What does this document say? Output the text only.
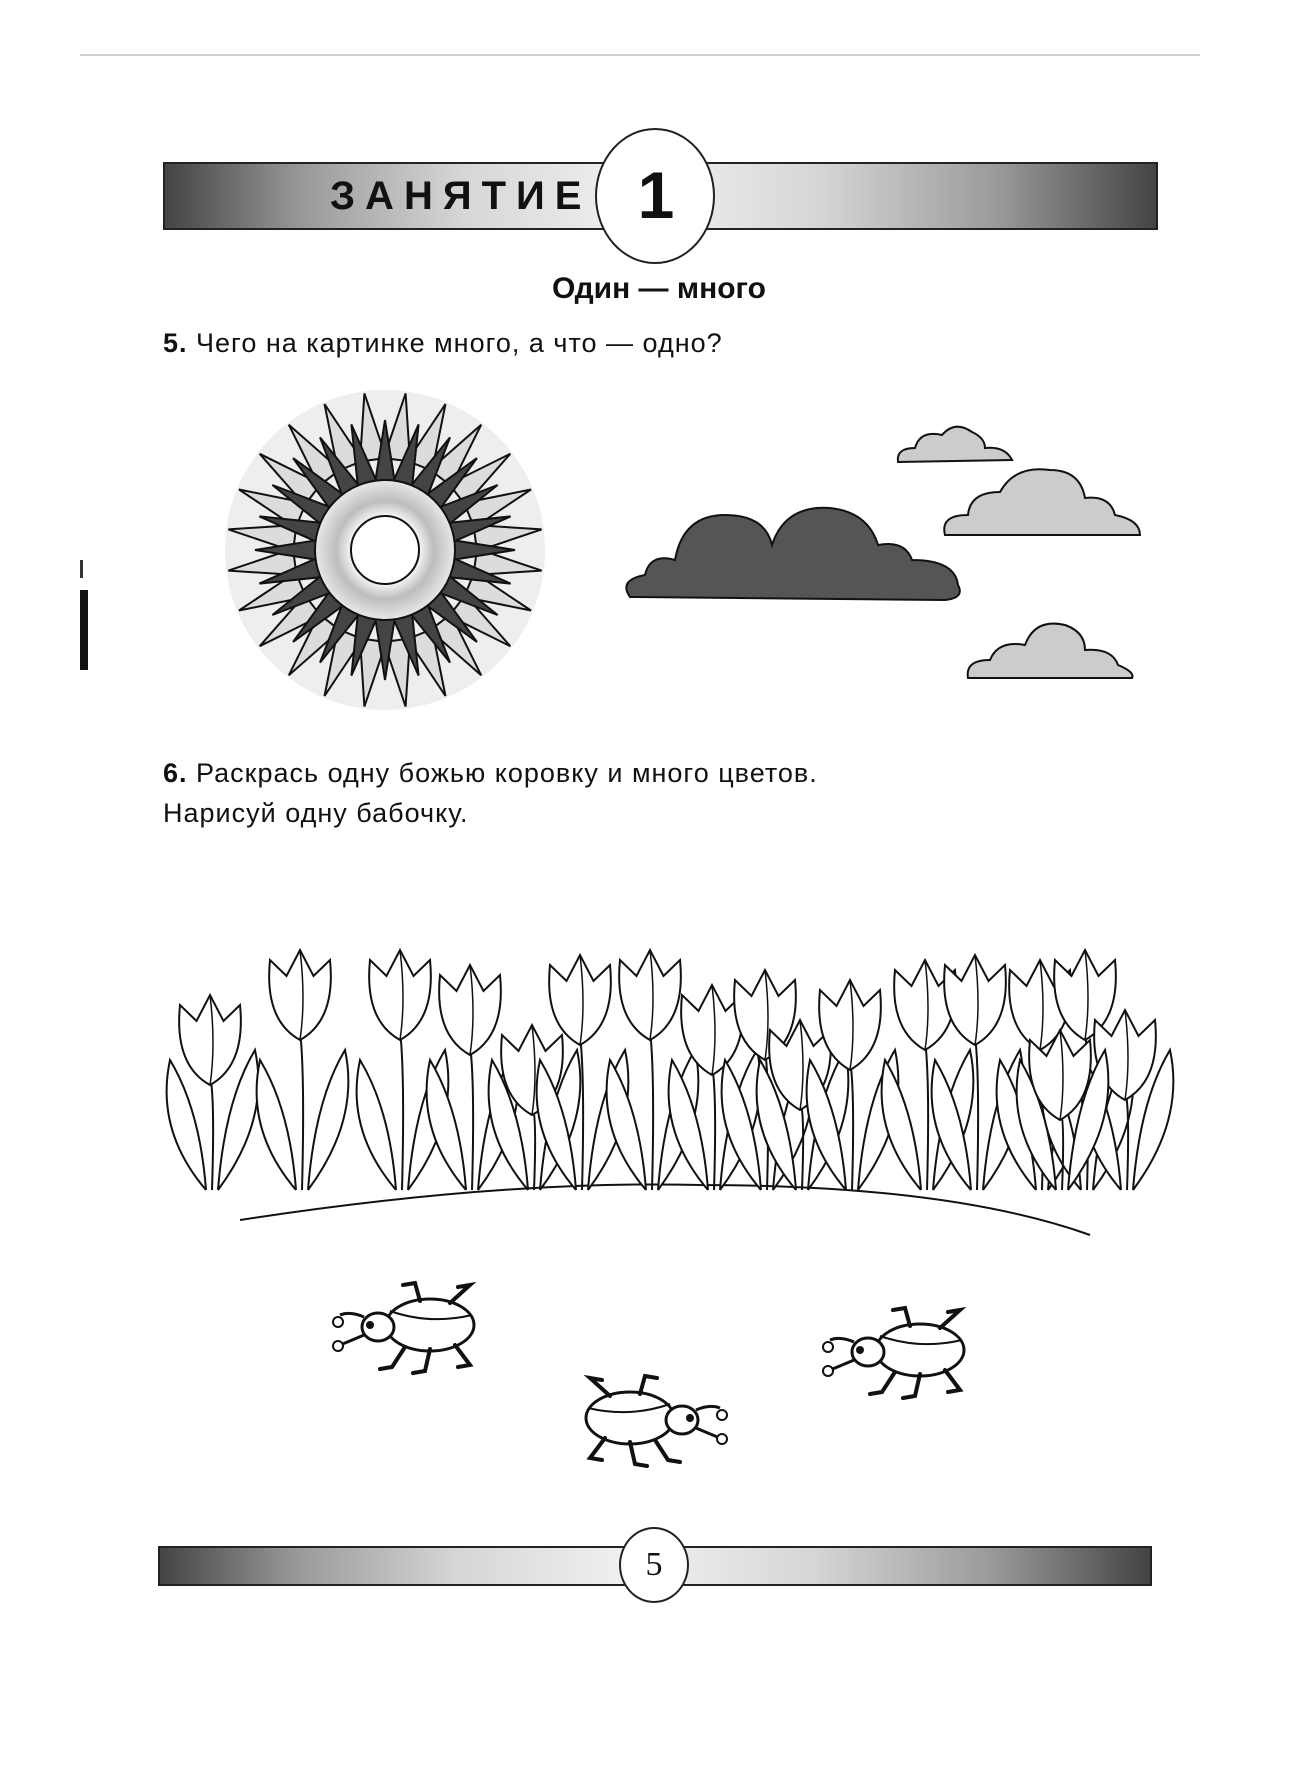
ЗАНЯТИЕ 1
Один — много
5. Чего на картинке много, а что — одно?
6. Раскрась одну божью коровку и много цветов.
Нарисуй одну бабочку.
5
